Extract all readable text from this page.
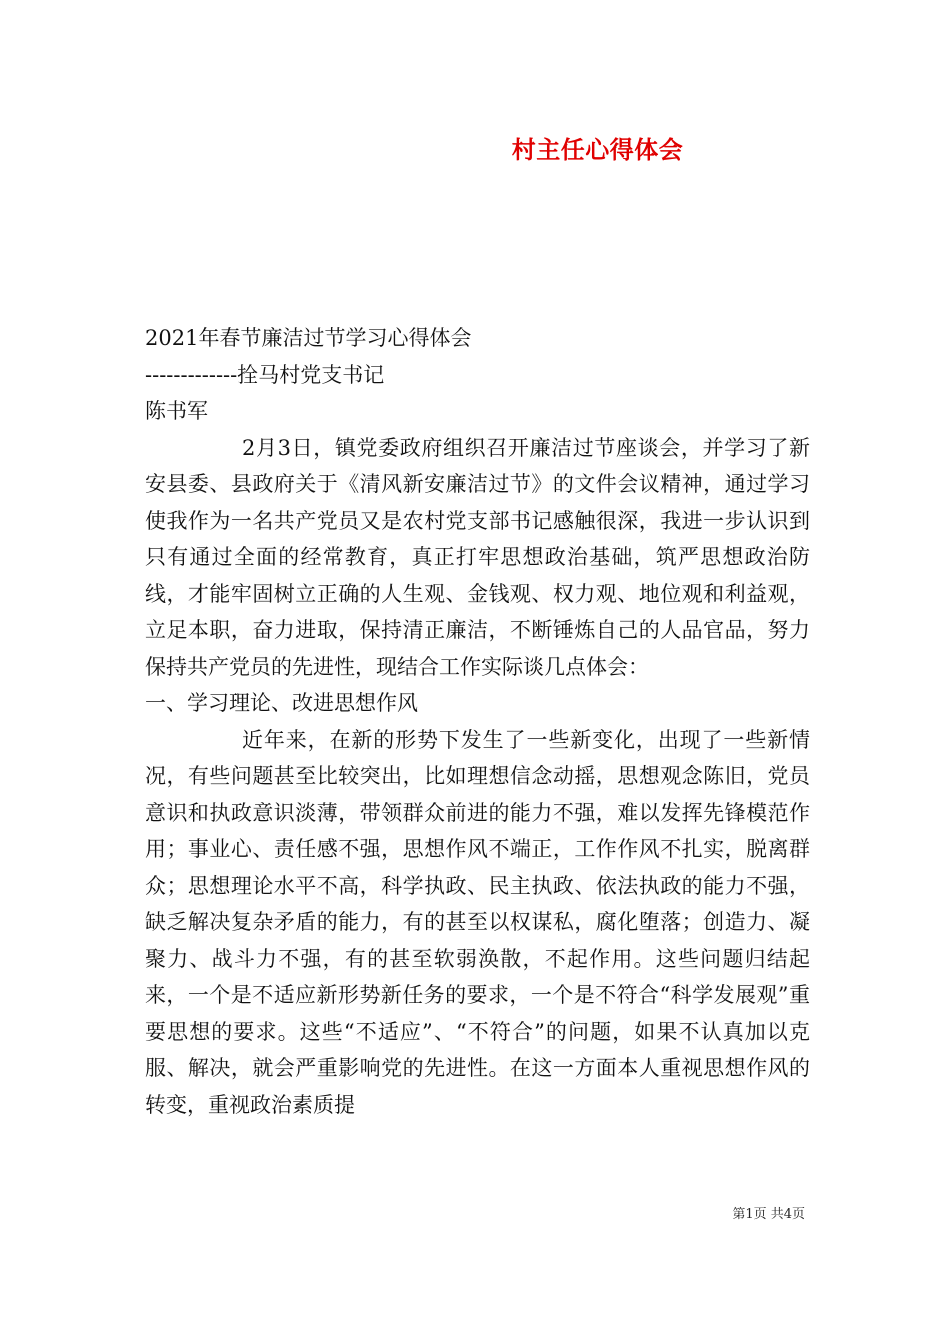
村主任心得体会

2021年春节廉洁过节学习心得体会

-------------拴马村党支书记

陈书军

2月3日，镇党委政府组织召开廉洁过节座谈会，并学习了新安县委、县政府关于《清风新安廉洁过节》的文件会议精神，通过学习使我作为一名共产党员又是农村党支部书记感触很深，我进一步认识到只有通过全面的经常教育，真正打牢思想政治基础，筑严思想政治防线，才能牢固树立正确的人生观、金钱观、权力观、地位观和利益观，立足本职，奋力进取，保持清正廉洁，不断锤炼自己的人品官品，努力保持共产党员的先进性，现结合工作实际谈几点体会：

一、学习理论、改进思想作风

近年来，在新的形势下发生了一些新变化，出现了一些新情况，有些问题甚至比较突出，比如理想信念动摇，思想观念陈旧，党员意识和执政意识淡薄，带领群众前进的能力不强，难以发挥先锋模范作用；事业心、责任感不强，思想作风不端正，工作作风不扎实，脱离群众；思想理论水平不高，科学执政、民主执政、依法执政的能力不强，缺乏解决复杂矛盾的能力，有的甚至以权谋私，腐化堕落；创造力、凝聚力、战斗力不强，有的甚至软弱涣散，不起作用。这些问题归结起来，一个是不适应新形势新任务的要求，一个是不符合“科学发展观”重要思想的要求。这些“不适应”、“不符合”的问题，如果不认真加以克服、解决，就会严重影响党的先进性。在这一方面本人重视思想作风的转变，重视政治素质提

第1页 共4页
